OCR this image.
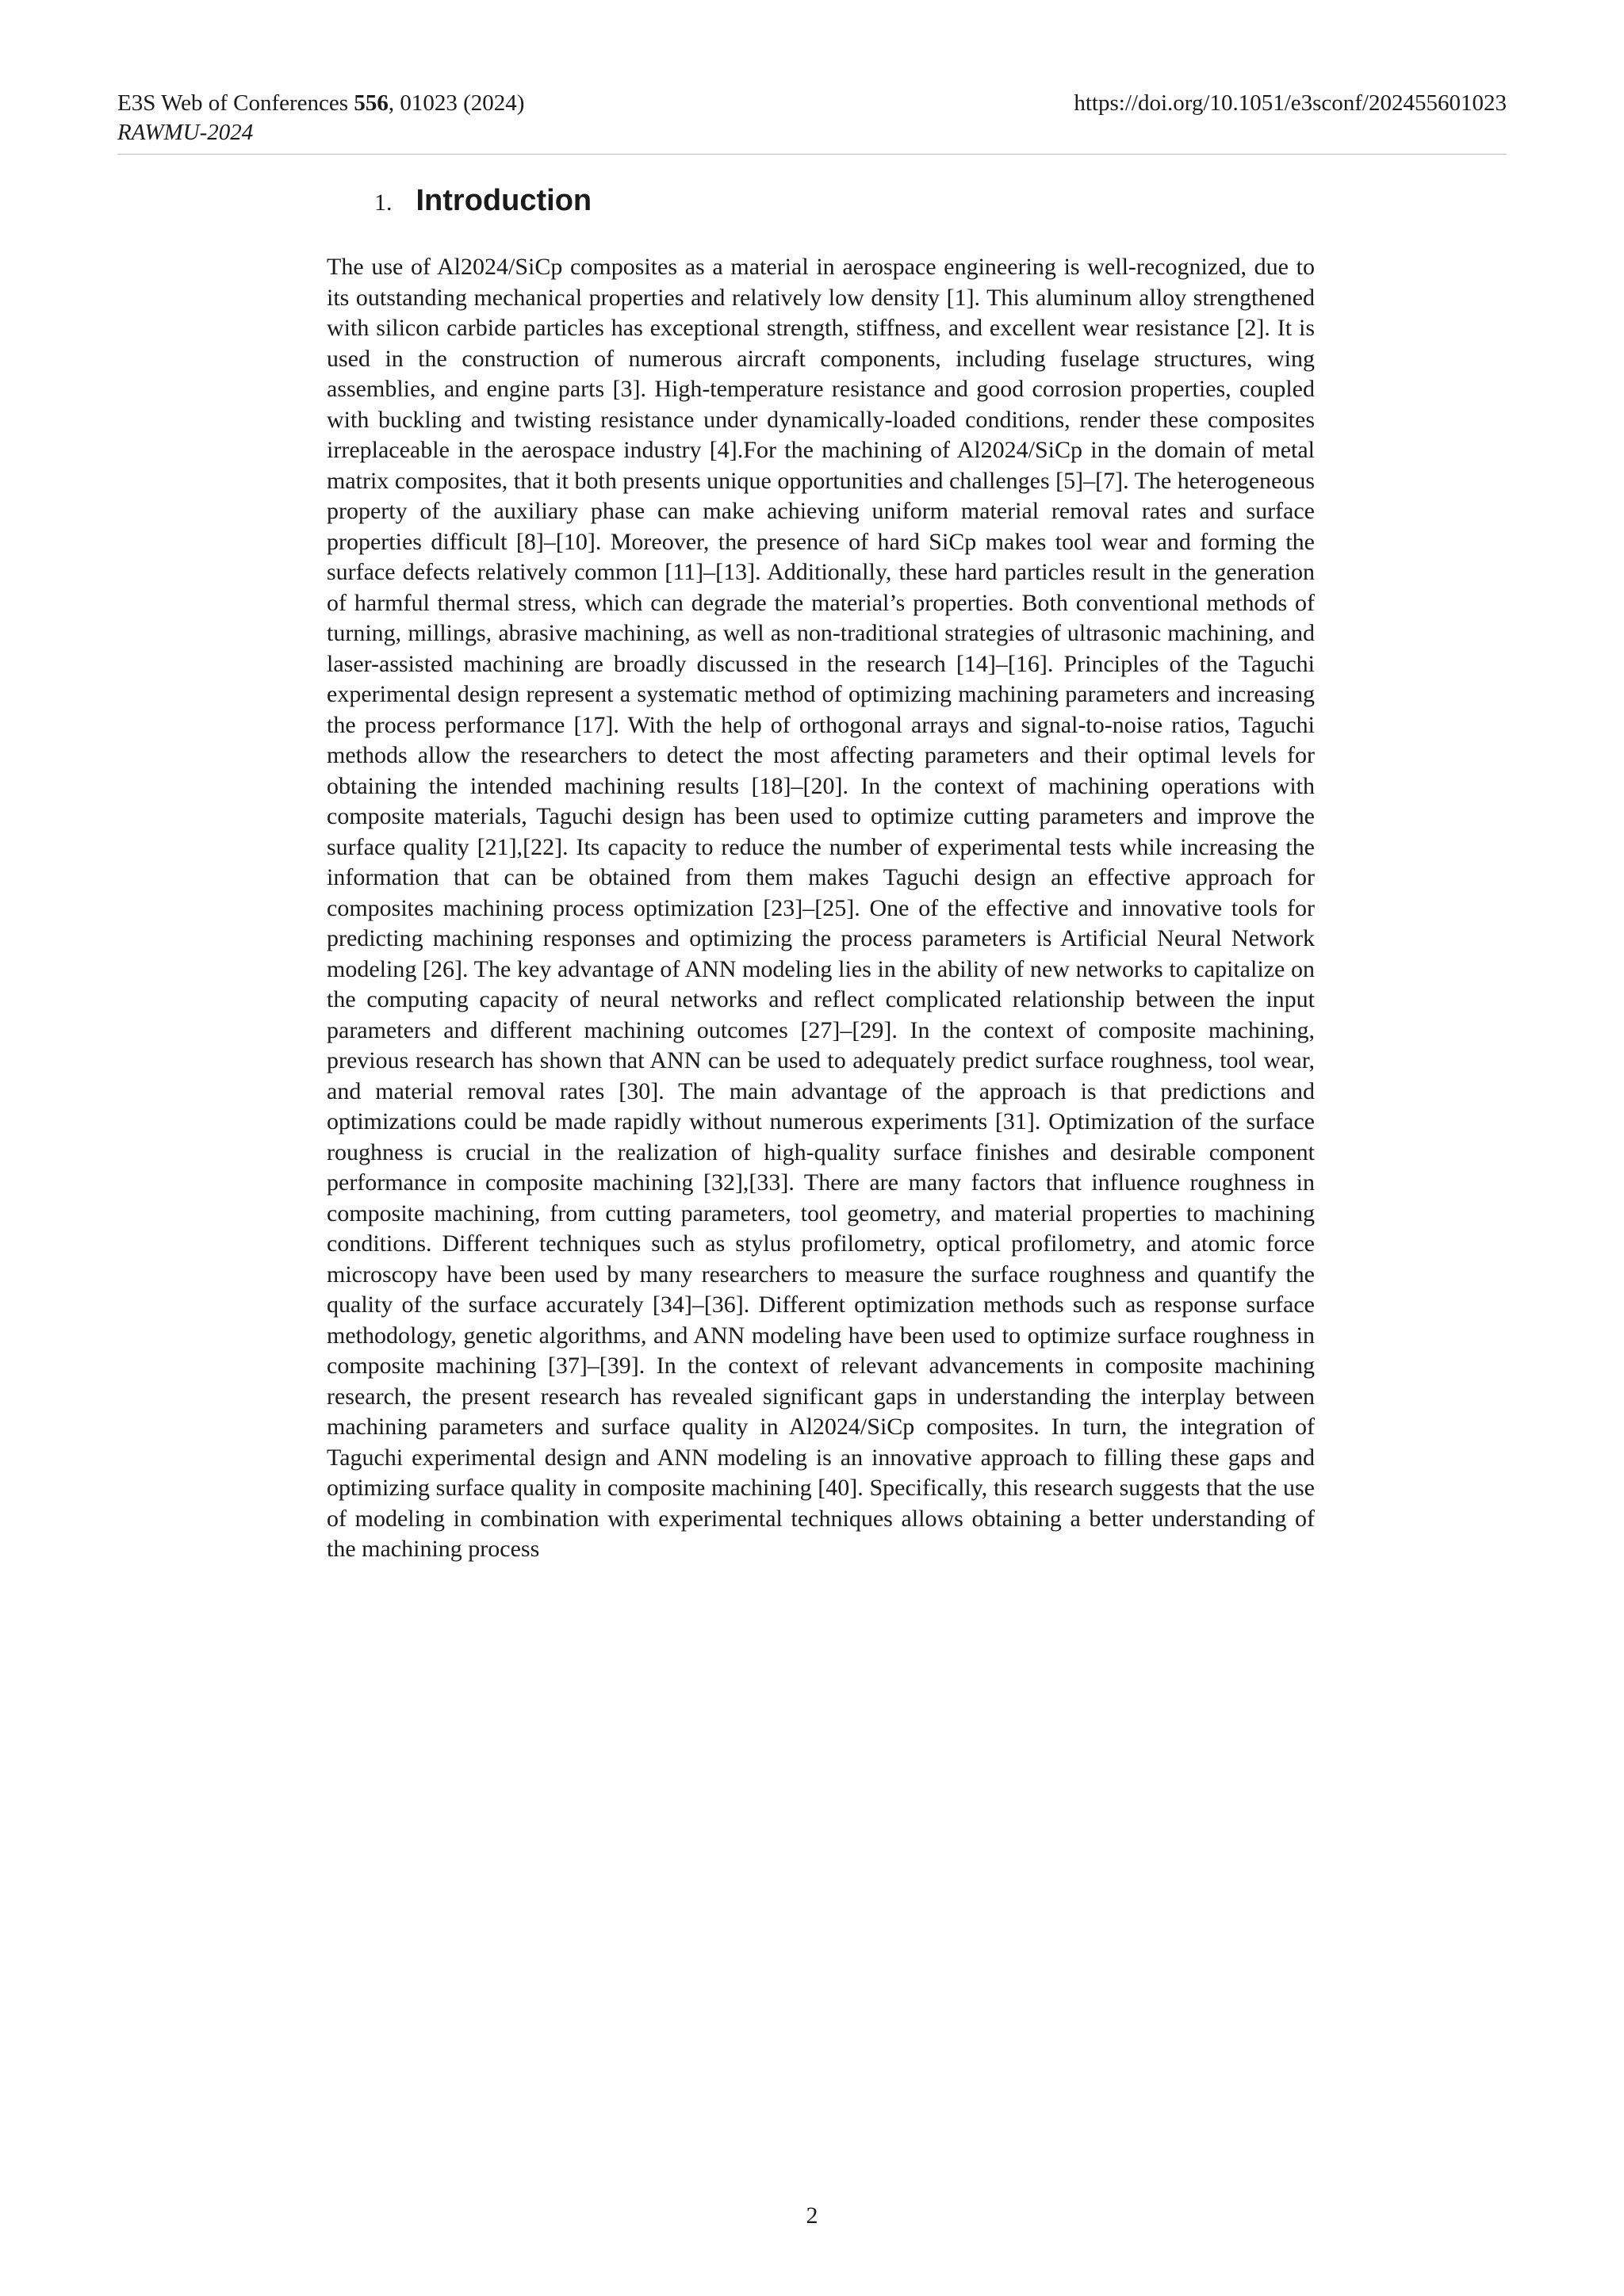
E3S Web of Conferences 556, 01023 (2024)
RAWMU-2024
https://doi.org/10.1051/e3sconf/202455601023
1. Introduction

The use of Al2024/SiCp composites as a material in aerospace engineering is well-recognized, due to its outstanding mechanical properties and relatively low density [1]. This aluminum alloy strengthened with silicon carbide particles has exceptional strength, stiffness, and excellent wear resistance [2]. It is used in the construction of numerous aircraft components, including fuselage structures, wing assemblies, and engine parts [3]. High-temperature resistance and good corrosion properties, coupled with buckling and twisting resistance under dynamically-loaded conditions, render these composites irreplaceable in the aerospace industry [4].For the machining of Al2024/SiCp in the domain of metal matrix composites, that it both presents unique opportunities and challenges [5]–[7]. The heterogeneous property of the auxiliary phase can make achieving uniform material removal rates and surface properties difficult [8]–[10]. Moreover, the presence of hard SiCp makes tool wear and forming the surface defects relatively common [11]–[13]. Additionally, these hard particles result in the generation of harmful thermal stress, which can degrade the material’s properties. Both conventional methods of turning, millings, abrasive machining, as well as non-traditional strategies of ultrasonic machining, and laser-assisted machining are broadly discussed in the research [14]–[16]. Principles of the Taguchi experimental design represent a systematic method of optimizing machining parameters and increasing the process performance [17]. With the help of orthogonal arrays and signal-to-noise ratios, Taguchi methods allow the researchers to detect the most affecting parameters and their optimal levels for obtaining the intended machining results [18]–[20]. In the context of machining operations with composite materials, Taguchi design has been used to optimize cutting parameters and improve the surface quality [21],[22]. Its capacity to reduce the number of experimental tests while increasing the information that can be obtained from them makes Taguchi design an effective approach for composites machining process optimization [23]–[25]. One of the effective and innovative tools for predicting machining responses and optimizing the process parameters is Artificial Neural Network modeling [26]. The key advantage of ANN modeling lies in the ability of new networks to capitalize on the computing capacity of neural networks and reflect complicated relationship between the input parameters and different machining outcomes [27]–[29]. In the context of composite machining, previous research has shown that ANN can be used to adequately predict surface roughness, tool wear, and material removal rates [30]. The main advantage of the approach is that predictions and optimizations could be made rapidly without numerous experiments [31]. Optimization of the surface roughness is crucial in the realization of high-quality surface finishes and desirable component performance in composite machining [32],[33]. There are many factors that influence roughness in composite machining, from cutting parameters, tool geometry, and material properties to machining conditions. Different techniques such as stylus profilometry, optical profilometry, and atomic force microscopy have been used by many researchers to measure the surface roughness and quantify the quality of the surface accurately [34]–[36]. Different optimization methods such as response surface methodology, genetic algorithms, and ANN modeling have been used to optimize surface roughness in composite machining [37]–[39]. In the context of relevant advancements in composite machining research, the present research has revealed significant gaps in understanding the interplay between machining parameters and surface quality in Al2024/SiCp composites. In turn, the integration of Taguchi experimental design and ANN modeling is an innovative approach to filling these gaps and optimizing surface quality in composite machining [40]. Specifically, this research suggests that the use of modeling in combination with experimental techniques allows obtaining a better understanding of the machining process

2
